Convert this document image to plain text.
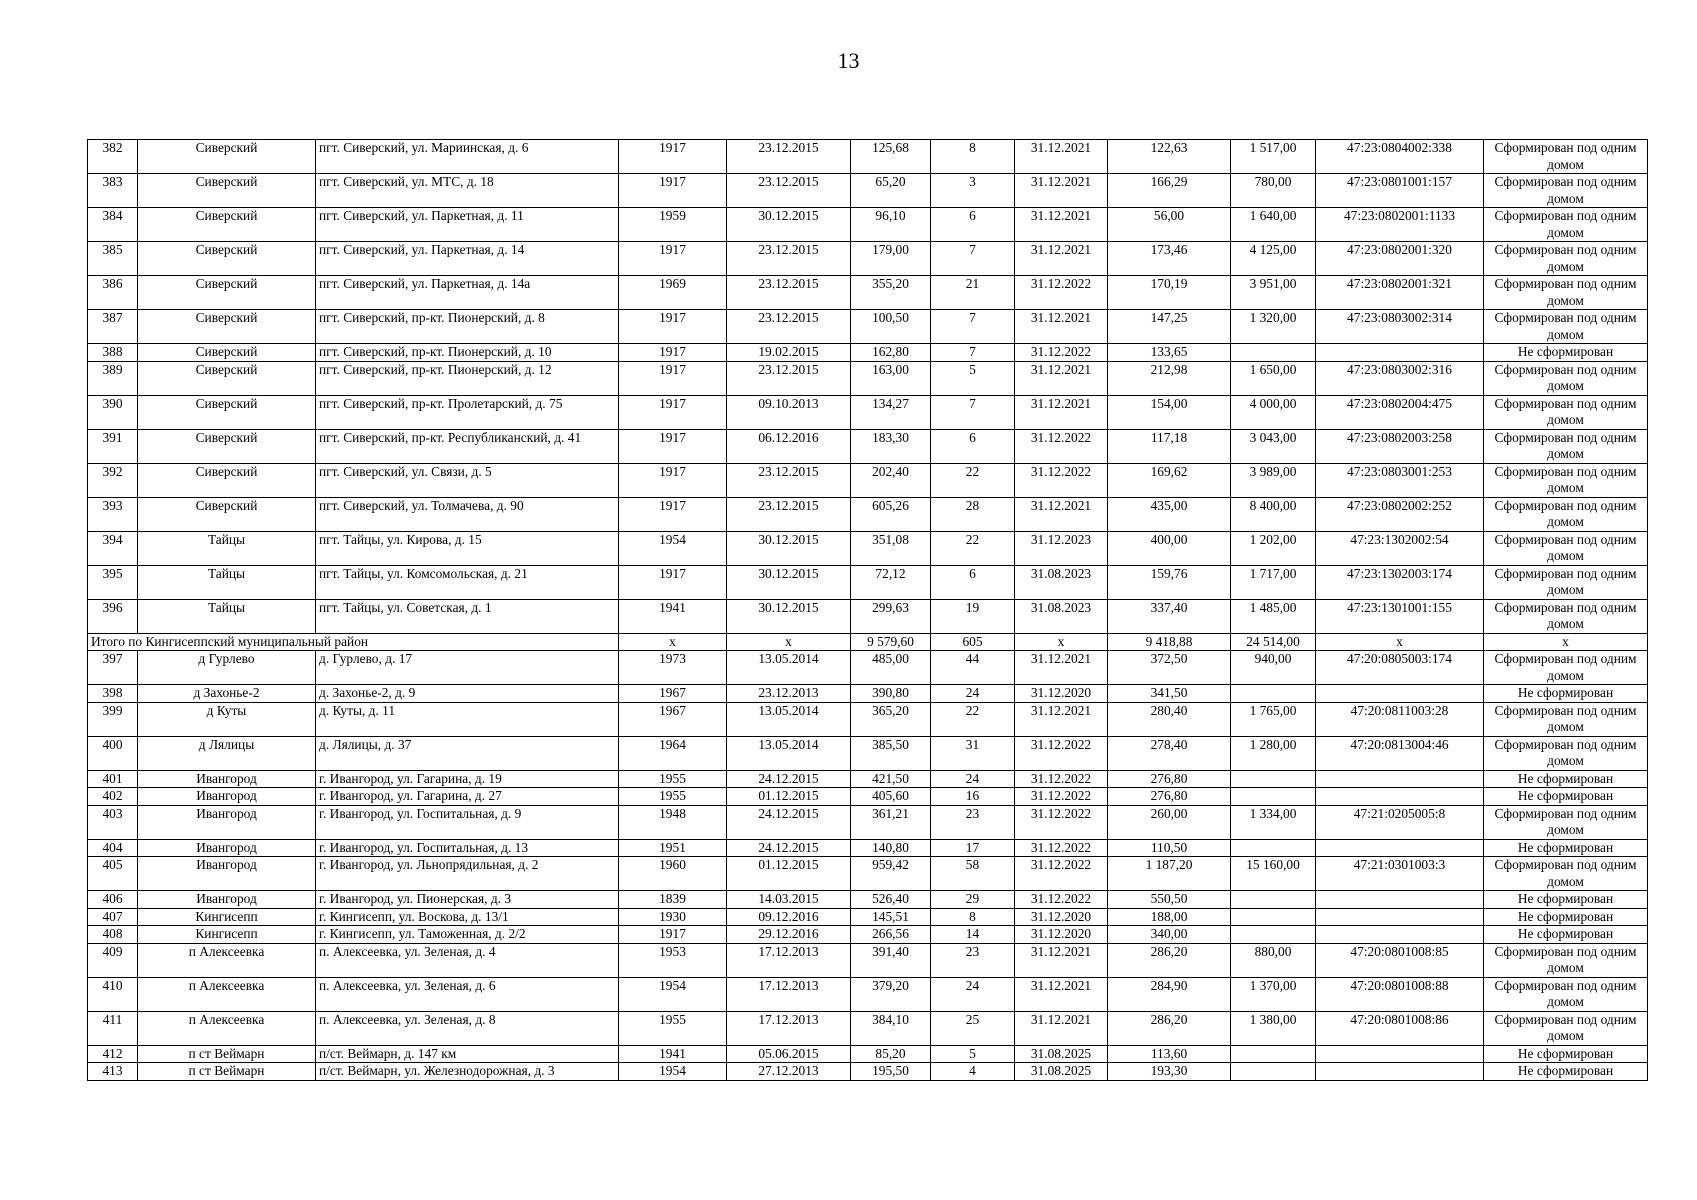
13
382	Сиверский	пгт. Сиверский, ул. Мариинская, д. 6	1917	23.12.2015	125,68	8	31.12.2021	122,63	1 517,00	47:23:0804002:338	Сформирован под одним домом
383	Сиверский	пгт. Сиверский, ул. МТС, д. 18	1917	23.12.2015	65,20	3	31.12.2021	166,29	780,00	47:23:0801001:157	Сформирован под одним домом
384	Сиверский	пгт. Сиверский, ул. Паркетная, д. 11	1959	30.12.2015	96,10	6	31.12.2021	56,00	1 640,00	47:23:0802001:1133	Сформирован под одним домом
385	Сиверский	пгт. Сиверский, ул. Паркетная, д. 14	1917	23.12.2015	179,00	7	31.12.2021	173,46	4 125,00	47:23:0802001:320	Сформирован под одним домом
386	Сиверский	пгт. Сиверский, ул. Паркетная, д. 14а	1969	23.12.2015	355,20	21	31.12.2022	170,19	3 951,00	47:23:0802001:321	Сформирован под одним домом
387	Сиверский	пгт. Сиверский, пр-кт. Пионерский, д. 8	1917	23.12.2015	100,50	7	31.12.2021	147,25	1 320,00	47:23:0803002:314	Сформирован под одним домом
388	Сиверский	пгт. Сиверский, пр-кт. Пионерский, д. 10	1917	19.02.2015	162,80	7	31.12.2022	133,65			Не сформирован
389	Сиверский	пгт. Сиверский, пр-кт. Пионерский, д. 12	1917	23.12.2015	163,00	5	31.12.2021	212,98	1 650,00	47:23:0803002:316	Сформирован под одним домом
390	Сиверский	пгт. Сиверский, пр-кт. Пролетарский, д. 75	1917	09.10.2013	134,27	7	31.12.2021	154,00	4 000,00	47:23:0802004:475	Сформирован под одним домом
391	Сиверский	пгт. Сиверский, пр-кт. Республиканский, д. 41	1917	06.12.2016	183,30	6	31.12.2022	117,18	3 043,00	47:23:0802003:258	Сформирован под одним домом
392	Сиверский	пгт. Сиверский, ул. Связи, д. 5	1917	23.12.2015	202,40	22	31.12.2022	169,62	3 989,00	47:23:0803001:253	Сформирован под одним домом
393	Сиверский	пгт. Сиверский, ул. Толмачева, д. 90	1917	23.12.2015	605,26	28	31.12.2021	435,00	8 400,00	47:23:0802002:252	Сформирован под одним домом
394	Тайцы	пгт. Тайцы, ул. Кирова, д. 15	1954	30.12.2015	351,08	22	31.12.2023	400,00	1 202,00	47:23:1302002:54	Сформирован под одним домом
395	Тайцы	пгт. Тайцы, ул. Комсомольская, д. 21	1917	30.12.2015	72,12	6	31.08.2023	159,76	1 717,00	47:23:1302003:174	Сформирован под одним домом
396	Тайцы	пгт. Тайцы, ул. Советская, д. 1	1941	30.12.2015	299,63	19	31.08.2023	337,40	1 485,00	47:23:1301001:155	Сформирован под одним домом
Итого по Кингисеппский муниципальный район			х	х	9 579,60	605	х	9 418,88	24 514,00	х	х
397	д Гурлево	д. Гурлево, д. 17	1973	13.05.2014	485,00	44	31.12.2021	372,50	940,00	47:20:0805003:174	Сформирован под одним домом
398	д Захонье-2	д. Захонье-2, д. 9	1967	23.12.2013	390,80	24	31.12.2020	341,50			Не сформирован
399	д Куты	д. Куты, д. 11	1967	13.05.2014	365,20	22	31.12.2021	280,40	1 765,00	47:20:0811003:28	Сформирован под одним домом
400	д Лялицы	д. Лялицы, д. 37	1964	13.05.2014	385,50	31	31.12.2022	278,40	1 280,00	47:20:0813004:46	Сформирован под одним домом
401	Ивангород	г. Ивангород, ул. Гагарина, д. 19	1955	24.12.2015	421,50	24	31.12.2022	276,80			Не сформирован
402	Ивангород	г. Ивангород, ул. Гагарина, д. 27	1955	01.12.2015	405,60	16	31.12.2022	276,80			Не сформирован
403	Ивангород	г. Ивангород, ул. Госпитальная, д. 9	1948	24.12.2015	361,21	23	31.12.2022	260,00	1 334,00	47:21:0205005:8	Сформирован под одним домом
404	Ивангород	г. Ивангород, ул. Госпитальная, д. 13	1951	24.12.2015	140,80	17	31.12.2022	110,50			Не сформирован
405	Ивангород	г. Ивангород, ул. Льнопрядильная, д. 2	1960	01.12.2015	959,42	58	31.12.2022	1 187,20	15 160,00	47:21:0301003:3	Сформирован под одним домом
406	Ивангород	г. Ивангород, ул. Пионерская, д. 3	1839	14.03.2015	526,40	29	31.12.2022	550,50			Не сформирован
407	Кингисепп	г. Кингисепп, ул. Воскова, д. 13/1	1930	09.12.2016	145,51	8	31.12.2020	188,00			Не сформирован
408	Кингисепп	г. Кингисепп, ул. Таможенная, д. 2/2	1917	29.12.2016	266,56	14	31.12.2020	340,00			Не сформирован
409	п Алексеевка	п. Алексеевка, ул. Зеленая, д. 4	1953	17.12.2013	391,40	23	31.12.2021	286,20	880,00	47:20:0801008:85	Сформирован под одним домом
410	п Алексеевка	п. Алексеевка, ул. Зеленая, д. 6	1954	17.12.2013	379,20	24	31.12.2021	284,90	1 370,00	47:20:0801008:88	Сформирован под одним домом
411	п Алексеевка	п. Алексеевка, ул. Зеленая, д. 8	1955	17.12.2013	384,10	25	31.12.2021	286,20	1 380,00	47:20:0801008:86	Сформирован под одним домом
412	п ст Веймарн	п/ст. Веймарн, д. 147 км	1941	05.06.2015	85,20	5	31.08.2025	113,60			Не сформирован
413	п ст Веймарн	п/ст. Веймарн, ул. Железнодорожная, д. 3	1954	27.12.2013	195,50	4	31.08.2025	193,30			Не сформирован
